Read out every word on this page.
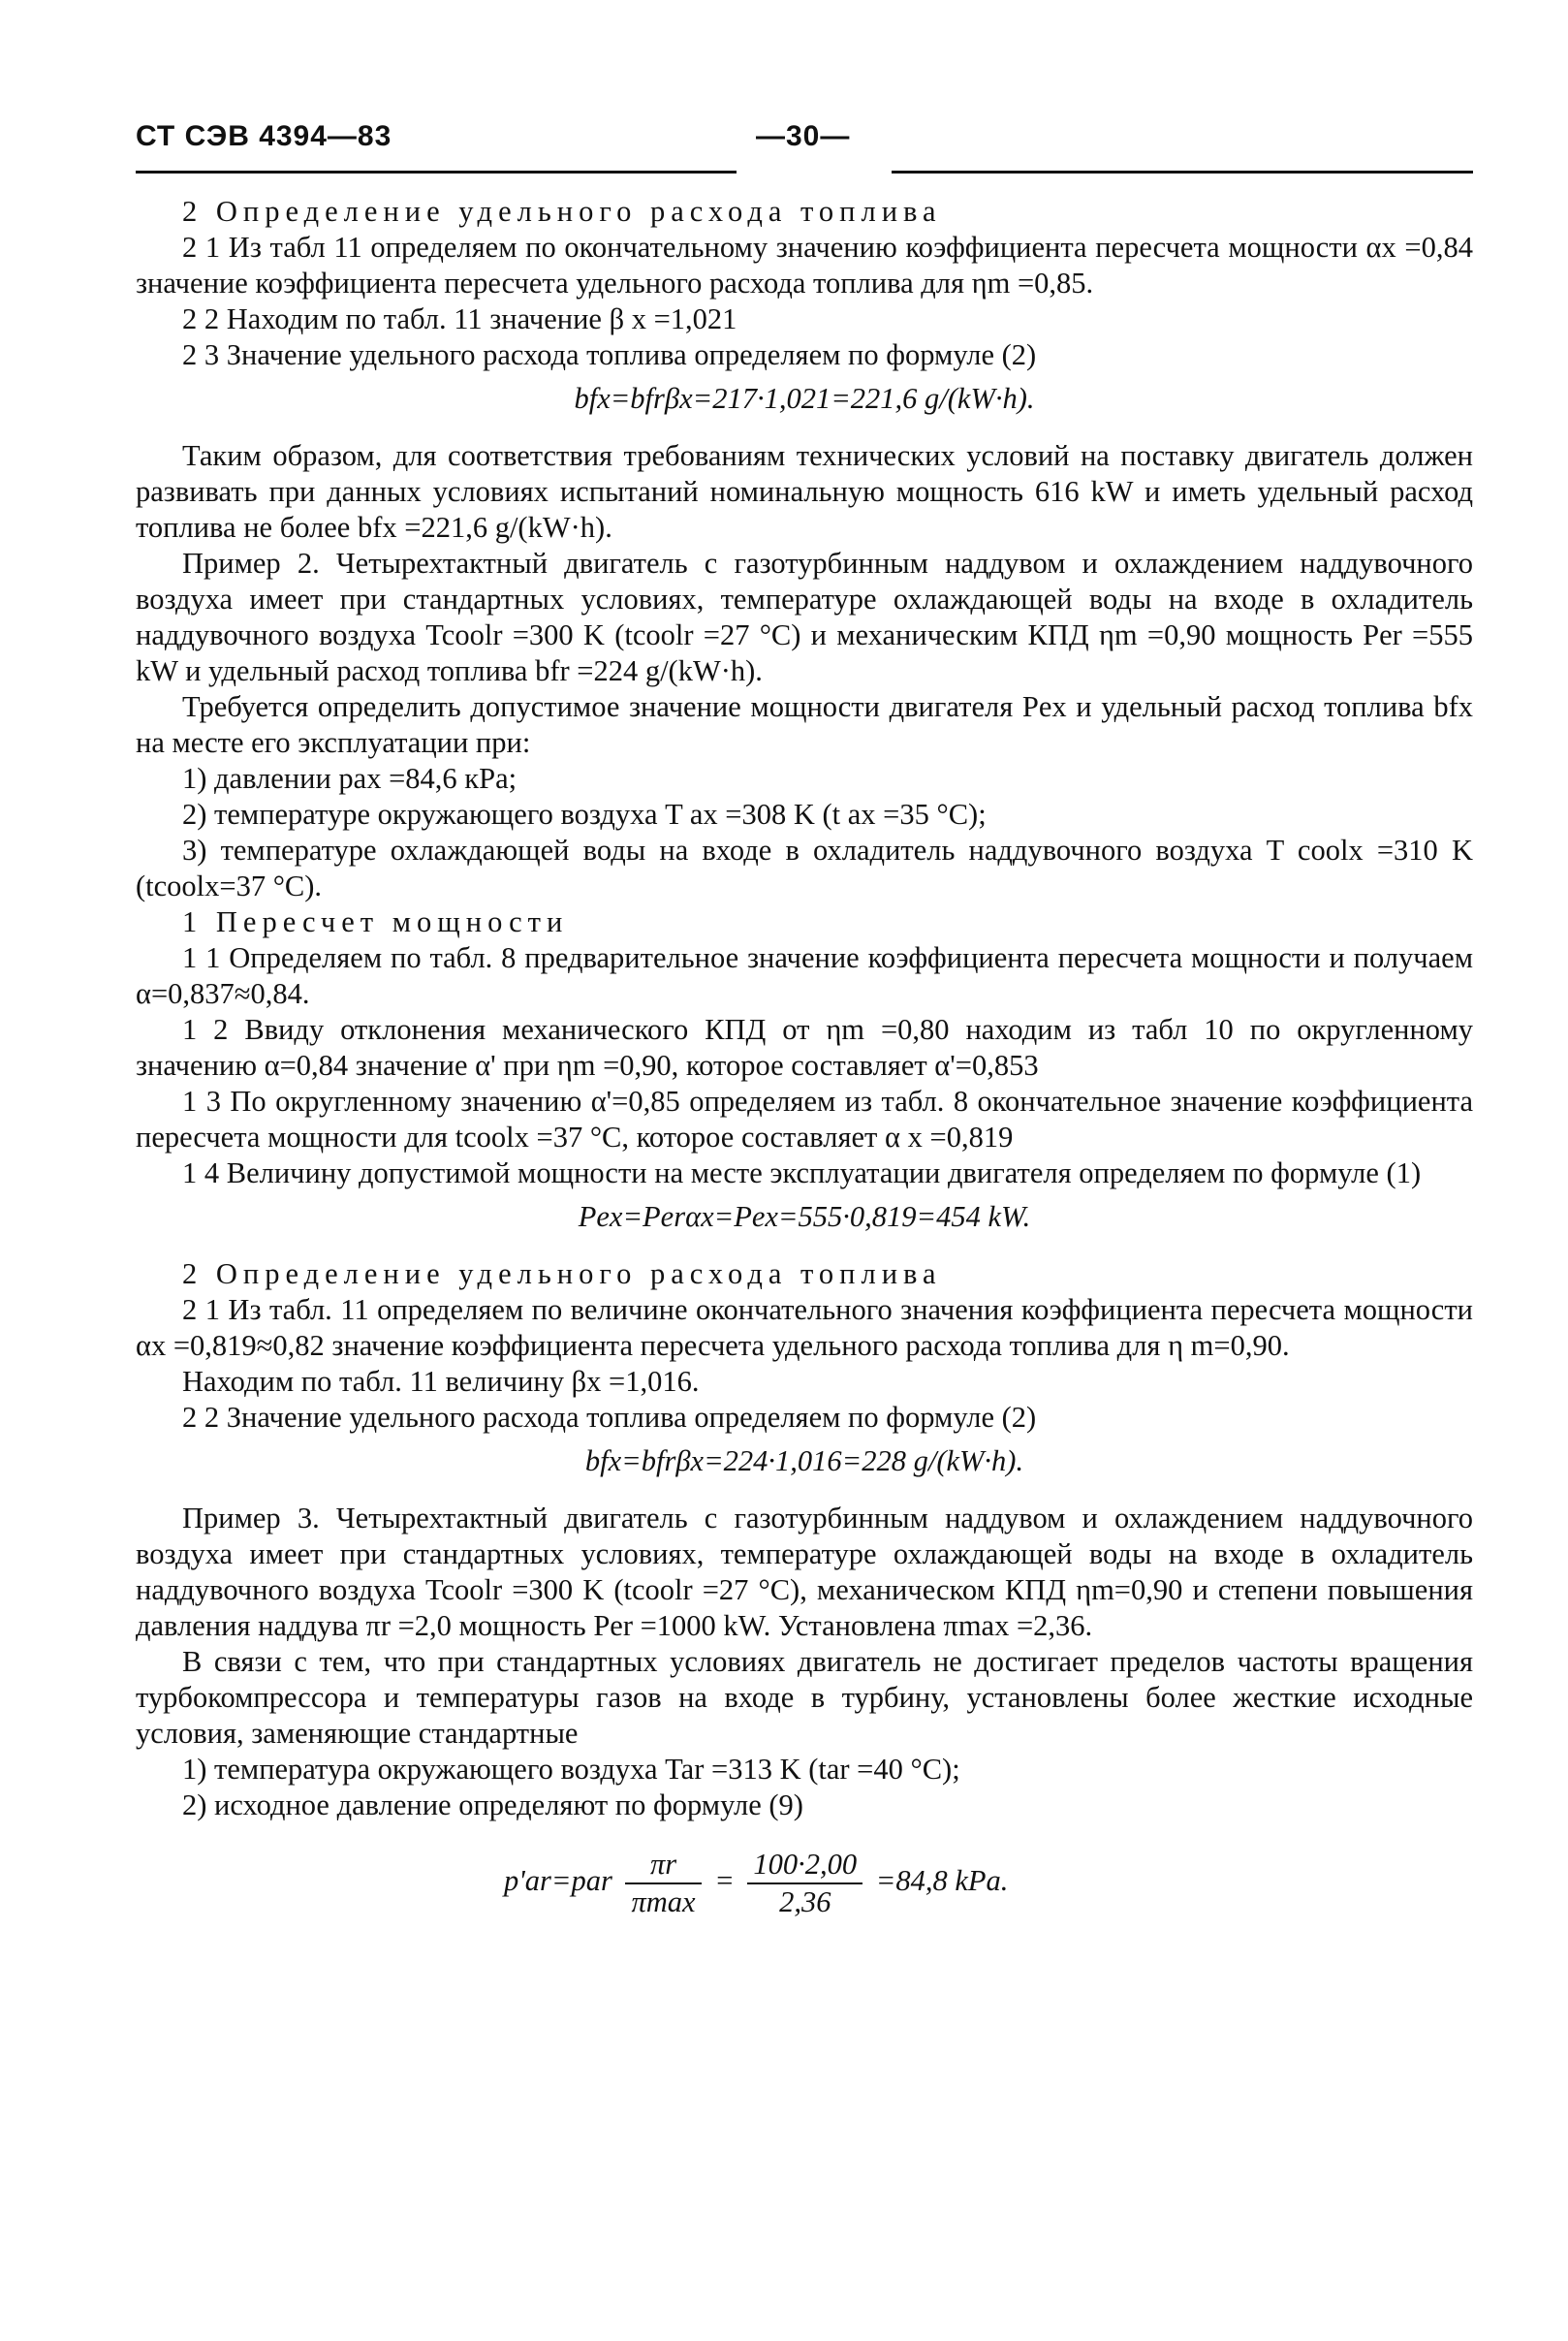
СТ СЭВ 4394—83	—30—

2 Определение удельного расхода топлива

2 1 Из табл 11 определяем по окончательному значению коэффициента пересчета мощности αx =0,84 значение коэффициента пересчета удельного расхода топлива для ηm =0,85.

2 2 Находим по табл. 11 значение β x =1,021

2 3 Значение удельного расхода топлива определяем по формуле (2)

bfx=bfrβx=217·1,021=221,6 g/(kW·h).

Таким образом, для соответствия требованиям технических условий на поставку двигатель должен развивать при данных условиях испытаний номинальную мощность 616 kW и иметь удельный расход топлива не более bfx =221,6 g/(kW·h).

Пример 2. Четырехтактный двигатель с газотурбинным наддувом и охлаждением наддувочного воздуха имеет при стандартных условиях, температуре охлаждающей воды на входе в охладитель наддувочного воздуха Tcoolr =300 K (tcoolr =27 °C) и механическим КПД ηm =0,90 мощность Per =555 kW и удельный расход топлива bfr =224 g/(kW·h).

Требуется определить допустимое значение мощности двигателя Pex и удельный расход топлива bfx на месте его эксплуатации при:

1) давлении pax =84,6 кPa;

2) температуре окружающего воздуха T ax =308 K (t ax =35 °C);

3) температуре охлаждающей воды на входе в охладитель наддувочного воздуха T coolx =310 K (tcoolx=37 °C).

1 Пересчет мощности

1 1 Определяем по табл. 8 предварительное значение коэффициента пересчета мощности и получаем α=0,837≈0,84.

1 2 Ввиду отклонения механического КПД от ηm =0,80 находим из табл 10 по округленному значению α=0,84 значение α' при ηm =0,90, которое составляет α'=0,853

1 3 По округленному значению α'=0,85 определяем из табл. 8 окончательное значение коэффициента пересчета мощности для tcoolx =37 °C, которое составляет α x =0,819

1 4 Величину допустимой мощности на месте эксплуатации двигателя определяем по формуле (1)

Pex=Perαx=Pex=555·0,819=454 kW.

2 Определение удельного расхода топлива

2 1 Из табл. 11 определяем по величине окончательного значения коэффициента пересчета мощности αx =0,819≈0,82 значение коэффициента пересчета удельного расхода топлива для η m=0,90.

Находим по табл. 11 величину βx =1,016.

2 2 Значение удельного расхода топлива определяем по формуле (2)

bfx=bfrβx=224·1,016=228 g/(kW·h).

Пример 3. Четырехтактный двигатель с газотурбинным наддувом и охлаждением наддувочного воздуха имеет при стандартных условиях, температуре охлаждающей воды на входе в охладитель наддувочного воздуха Tcoolr =300 K (tcoolr =27 °C), механическом КПД ηm=0,90 и степени повышения давления наддува πr =2,0 мощность Per =1000 kW. Установлена πmax =2,36.

В связи с тем, что при стандартных условиях двигатель не достигает пределов частоты вращения турбокомпрессора и температуры газов на входе в турбину, установлены более жесткие исходные условия, заменяющие стандартные

1) температура окружающего воздуха Tar =313 K (tar =40 °C);

2) исходное давление определяют по формуле (9)

$p'ar=par \frac{\pi r}{\pi\max} = \frac{100\cdot 2,00}{2,36} =84,8$ kPa.
